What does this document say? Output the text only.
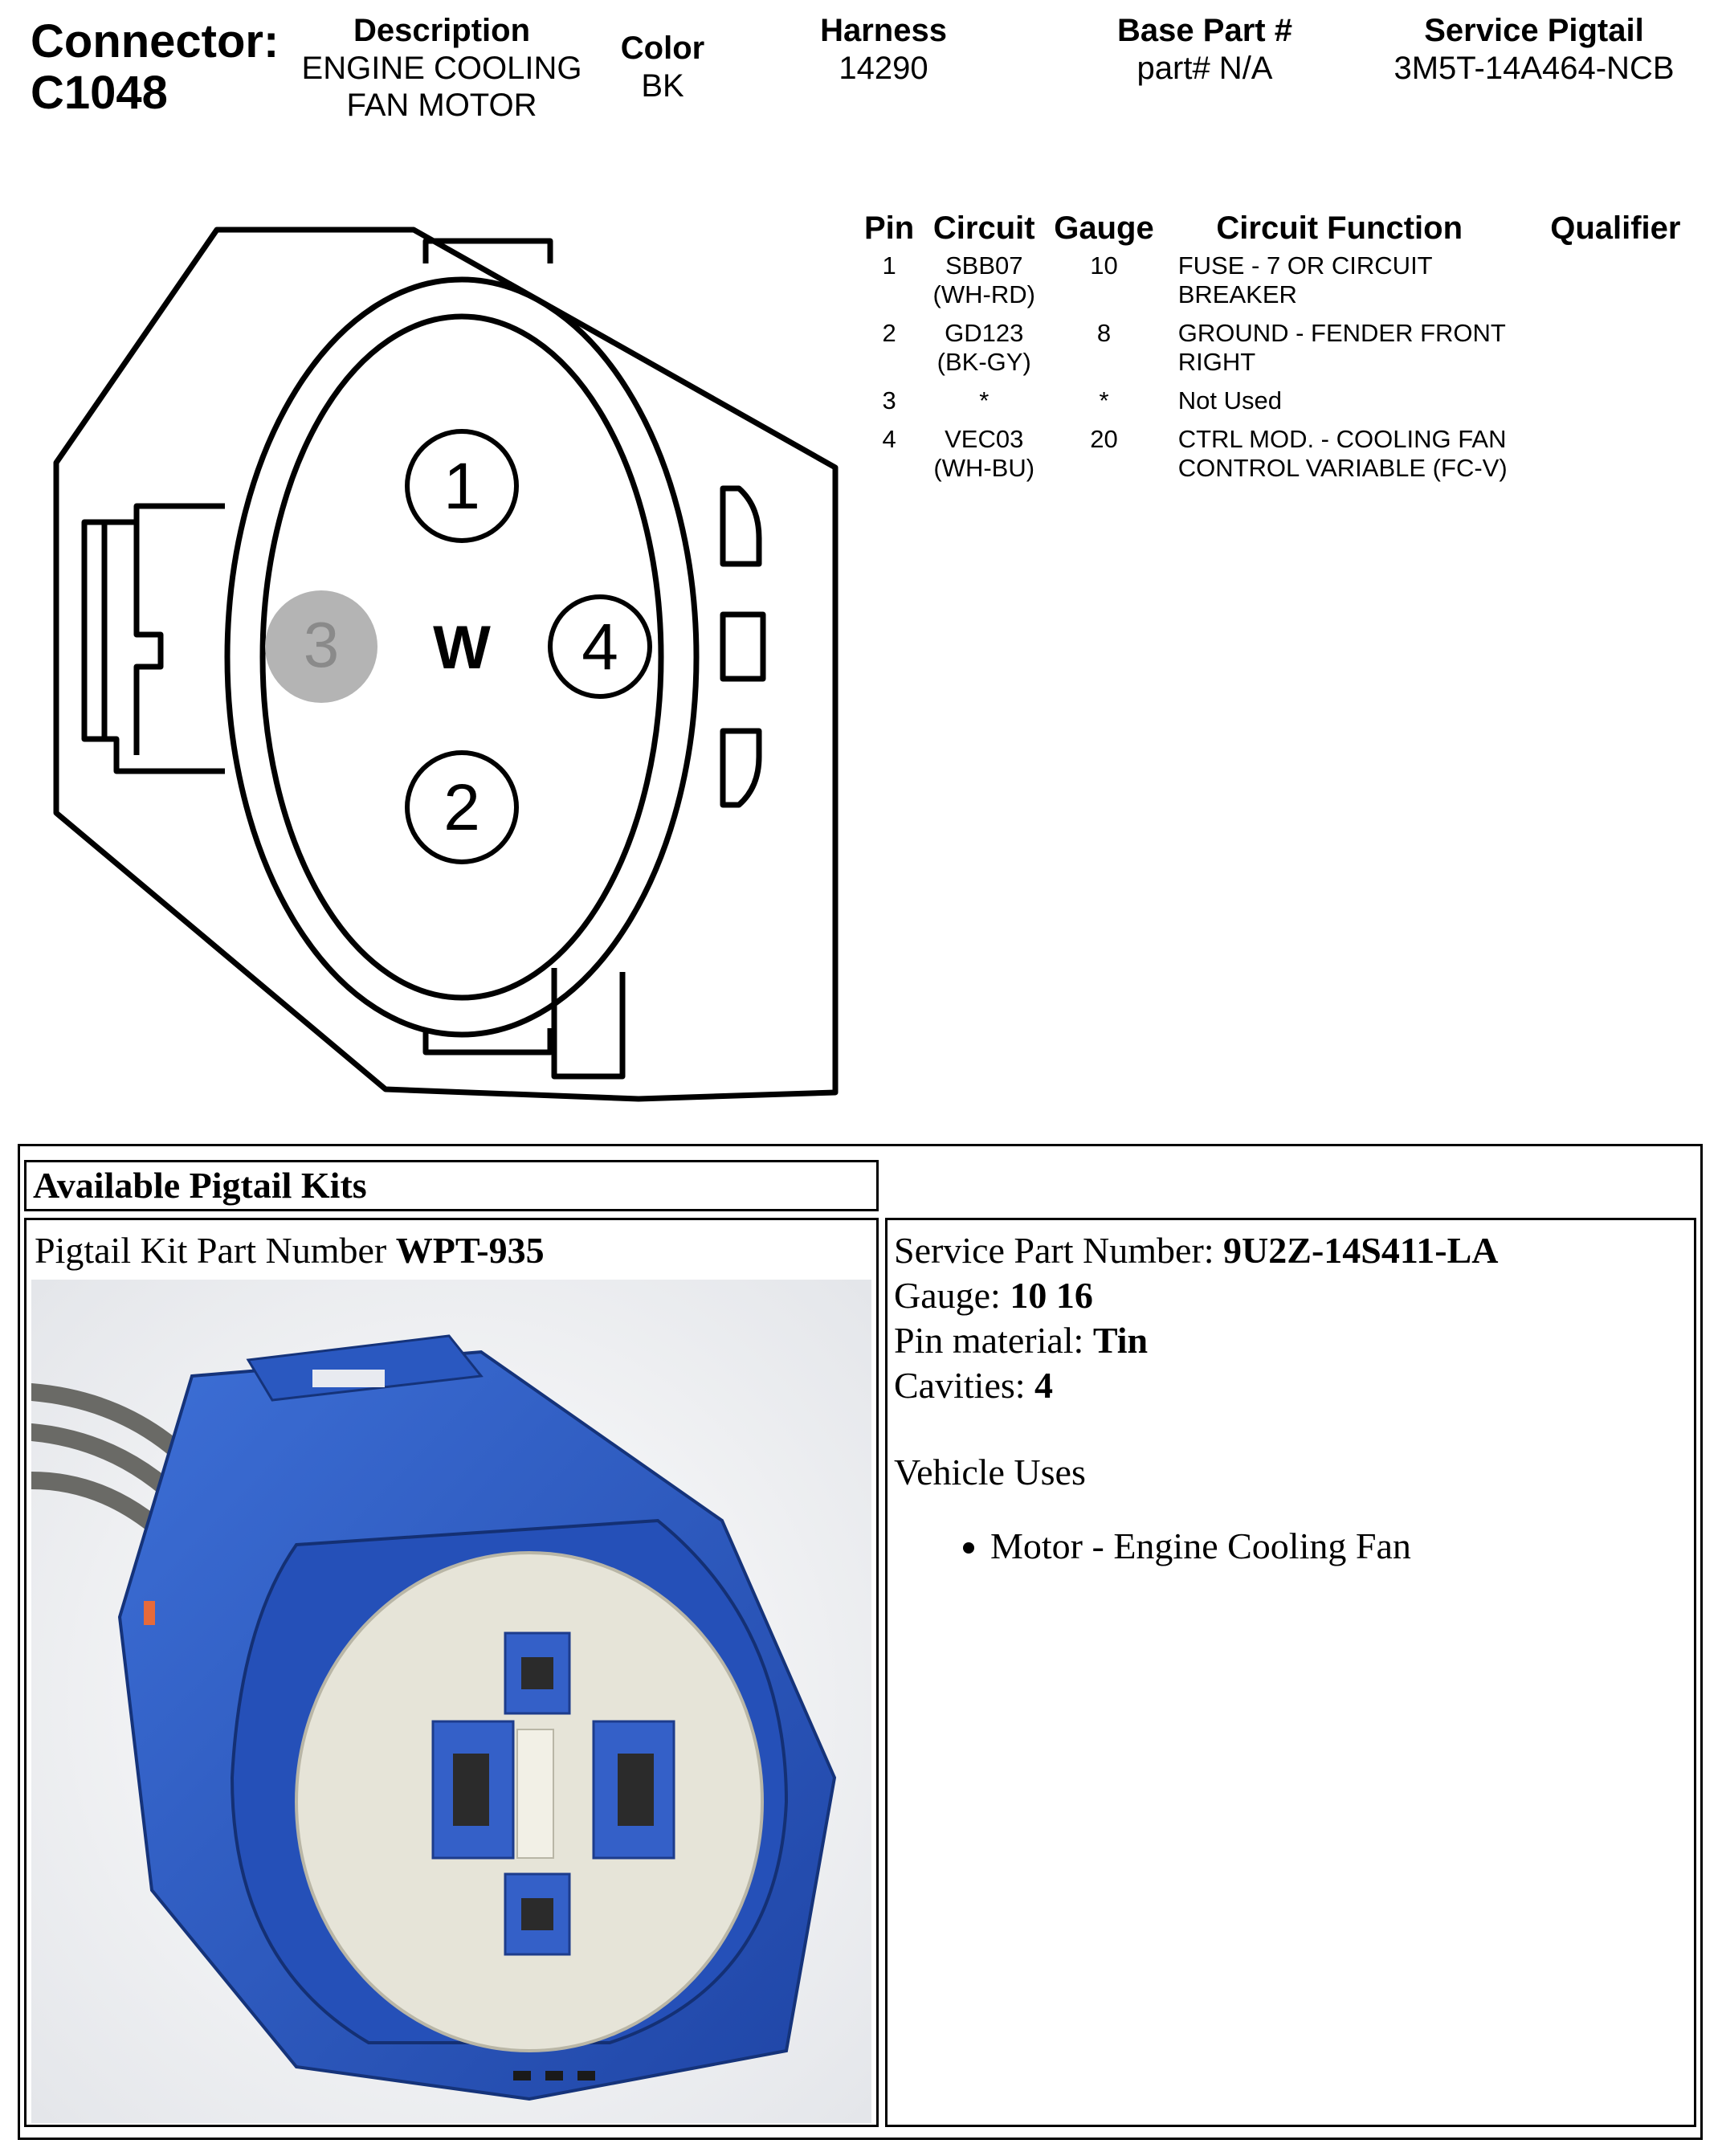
Connector:
C1048
Description
ENGINE COOLING
FAN MOTOR
Color
BK
Harness
14290
Base Part #
part# N/A
Service Pigtail
3M5T-14A464-NCB
3
1
2
4
W
Pin	Circuit	Gauge	Circuit Function	Qualifier
1	SBB07 (WH-RD)	10	FUSE - 7 OR CIRCUIT BREAKER	
2	GD123 (BK-GY)	8	GROUND - FENDER FRONT RIGHT	
3	*	*	Not Used	
4	VEC03 (WH-BU)	20	CTRL MOD. - COOLING FAN CONTROL VARIABLE (FC-V)	
Available Pigtail Kits
Pigtail Kit Part Number WPT-935	Service Part Number: 9U2Z-14S411-LA
Gauge: 10 16
Pin material: Tin
Cavities: 4
Vehicle Uses
• Motor - Engine Cooling Fan
